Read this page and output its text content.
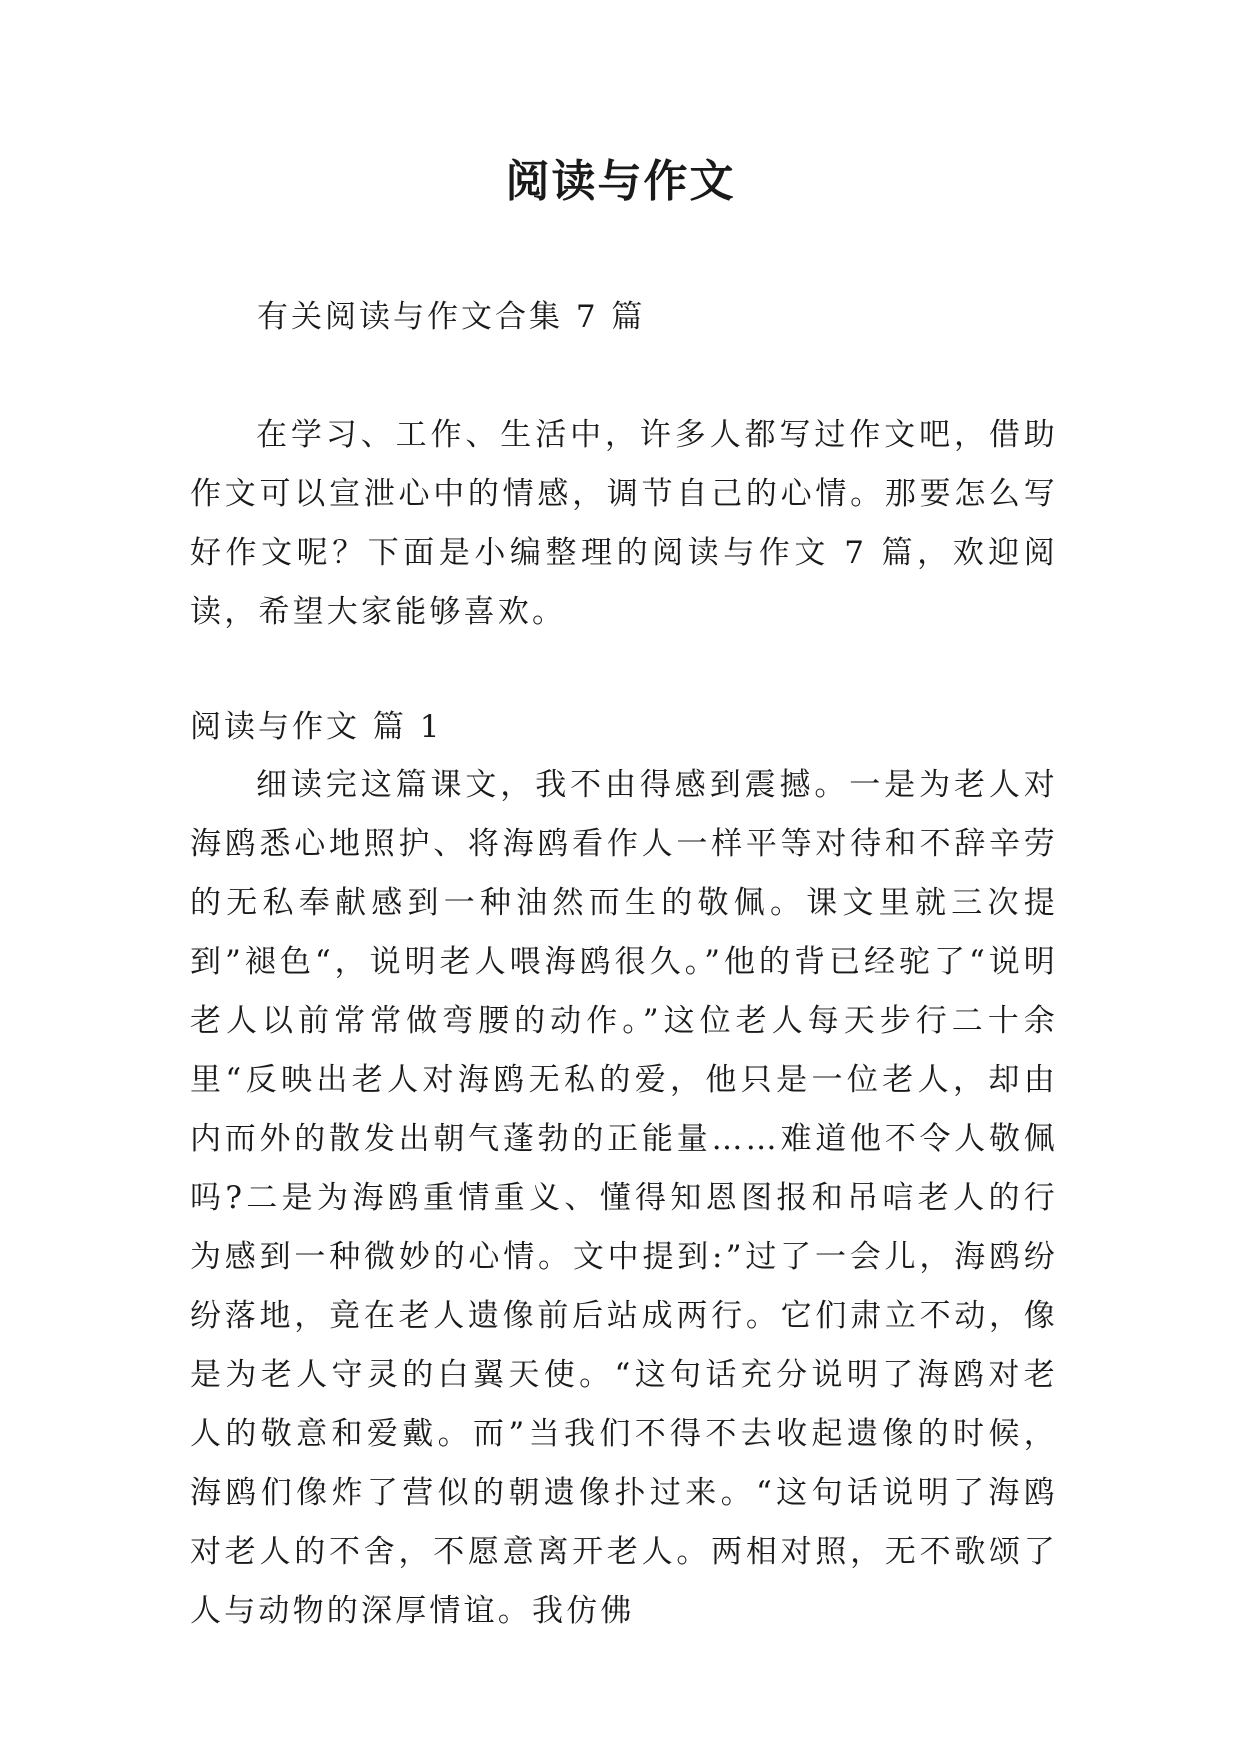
阅读与作文
有关阅读与作文合集 7 篇

在学习、工作、生活中，许多人都写过作文吧，借助作文可以宣泄心中的情感，调节自己的心情。那要怎么写好作文呢？下面是小编整理的阅读与作文 7 篇，欢迎阅读，希望大家能够喜欢。

阅读与作文 篇 1

细读完这篇课文，我不由得感到震撼。一是为老人对海鸥悉心地照护、将海鸥看作人一样平等对待和不辞辛劳的无私奉献感到一种油然而生的敬佩。课文里就三次提到”褪色“，说明老人喂海鸥很久。”他的背已经驼了“说明老人以前常常做弯腰的动作。”这位老人每天步行二十余里“反映出老人对海鸥无私的爱，他只是一位老人，却由内而外的散发出朝气蓬勃的正能量……难道他不令人敬佩吗?二是为海鸥重情重义、懂得知恩图报和吊唁老人的行为感到一种微妙的心情。文中提到:”过了一会儿，海鸥纷纷落地，竟在老人遗像前后站成两行。它们肃立不动，像是为老人守灵的白翼天使。“这句话充分说明了海鸥对老人的敬意和爱戴。而”当我们不得不去收起遗像的时候，海鸥们像炸了营似的朝遗像扑过来。“这句话说明了海鸥对老人的不舍，不愿意离开老人。两相对照，无不歌颂了人与动物的深厚情谊。我仿佛
